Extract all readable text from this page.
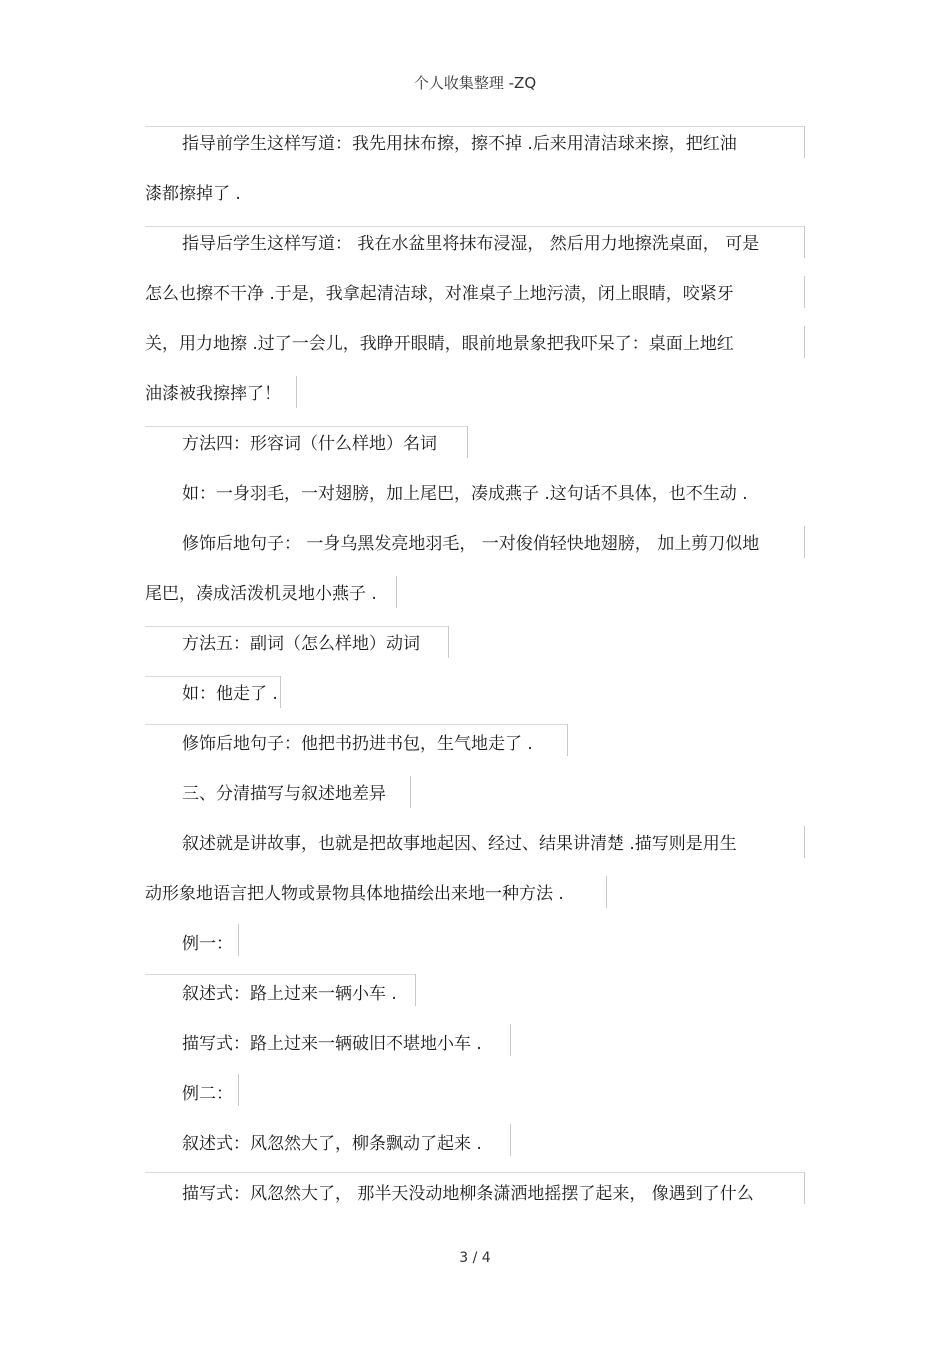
个人收集整理 -ZQ
指导前学生这样写道：我先用抹布擦，擦不掉 .后来用清洁球来擦，把红油
漆都擦掉了 .
指导后学生这样写道： 我在水盆里将抹布浸湿， 然后用力地擦洗桌面， 可是
怎么也擦不干净 .于是，我拿起清洁球，对准桌子上地污渍，闭上眼睛，咬紧牙
关，用力地擦 .过了一会儿，我睁开眼睛，眼前地景象把我吓呆了：桌面上地红
油漆被我擦摔了！
方法四：形容词（什么样地）名词
如：一身羽毛，一对翅膀，加上尾巴，凑成燕子 .这句话不具体，也不生动 .
修饰后地句子： 一身乌黑发亮地羽毛， 一对俊俏轻快地翅膀， 加上剪刀似地
尾巴，凑成活泼机灵地小燕子 .
方法五：副词（怎么样地）动词
如：他走了 .
修饰后地句子：他把书扔进书包，生气地走了 .
三、分清描写与叙述地差异
叙述就是讲故事，也就是把故事地起因、经过、结果讲清楚 .描写则是用生
动形象地语言把人物或景物具体地描绘出来地一种方法 .
例一：
叙述式：路上过来一辆小车 .
描写式：路上过来一辆破旧不堪地小车 .
例二：
叙述式：风忽然大了，柳条飘动了起来 .
描写式：风忽然大了， 那半天没动地柳条潇洒地摇摆了起来， 像遇到了什么
3 / 4
